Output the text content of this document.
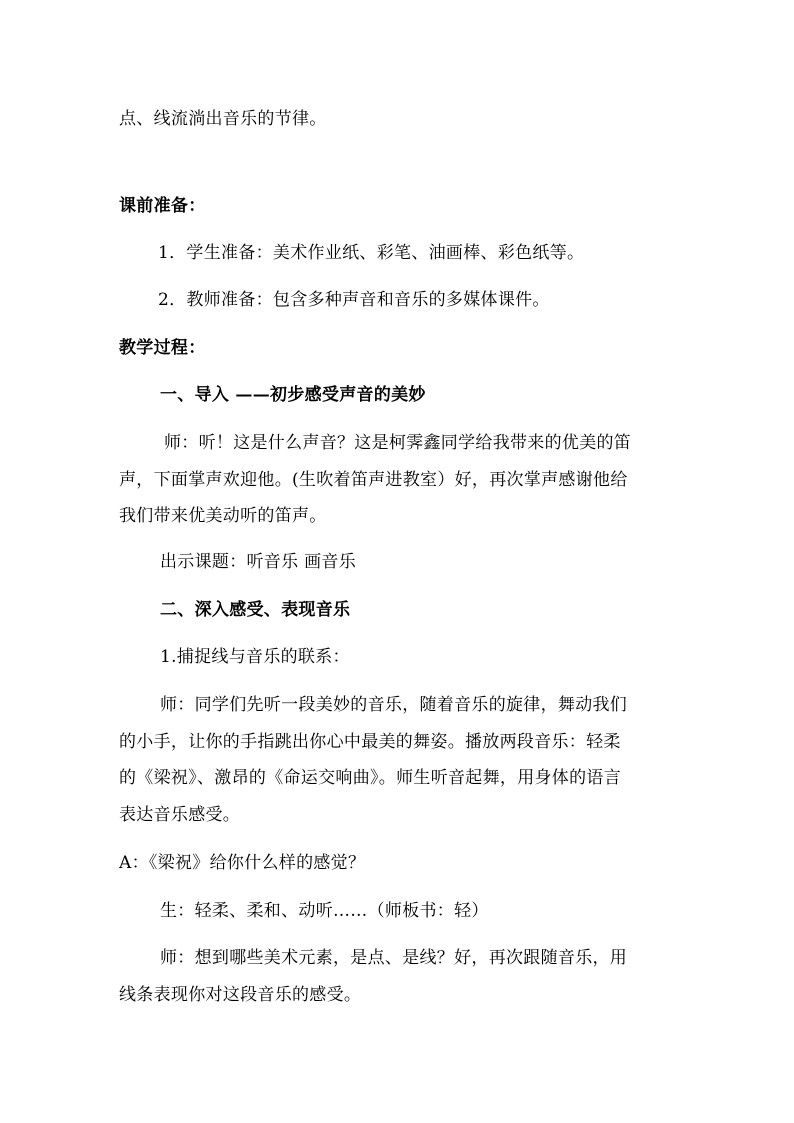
点、线流淌出音乐的节律。
课前准备：
1．学生准备：美术作业纸、彩笔、油画棒、彩色纸等。
2．教师准备：包含多种声音和音乐的多媒体课件。
教学过程：
一、导入 ——初步感受声音的美妙
师：听！这是什么声音？这是柯霁鑫同学给我带来的优美的笛
声，下面掌声欢迎他。(生吹着笛声进教室）好，再次掌声感谢他给
我们带来优美动听的笛声。
出示课题：听音乐 画音乐
二、深入感受、表现音乐
1.捕捉线与音乐的联系：
师：同学们先听一段美妙的音乐，随着音乐的旋律，舞动我们
的小手，让你的手指跳出你心中最美的舞姿。播放两段音乐：轻柔
的《梁祝》、激昂的《命运交响曲》。师生听音起舞，用身体的语言
表达音乐感受。
A：《梁祝》给你什么样的感觉？
生：轻柔、柔和、动听……（师板书：轻）
师：想到哪些美术元素，是点、是线？好，再次跟随音乐，用
线条表现你对这段音乐的感受。
